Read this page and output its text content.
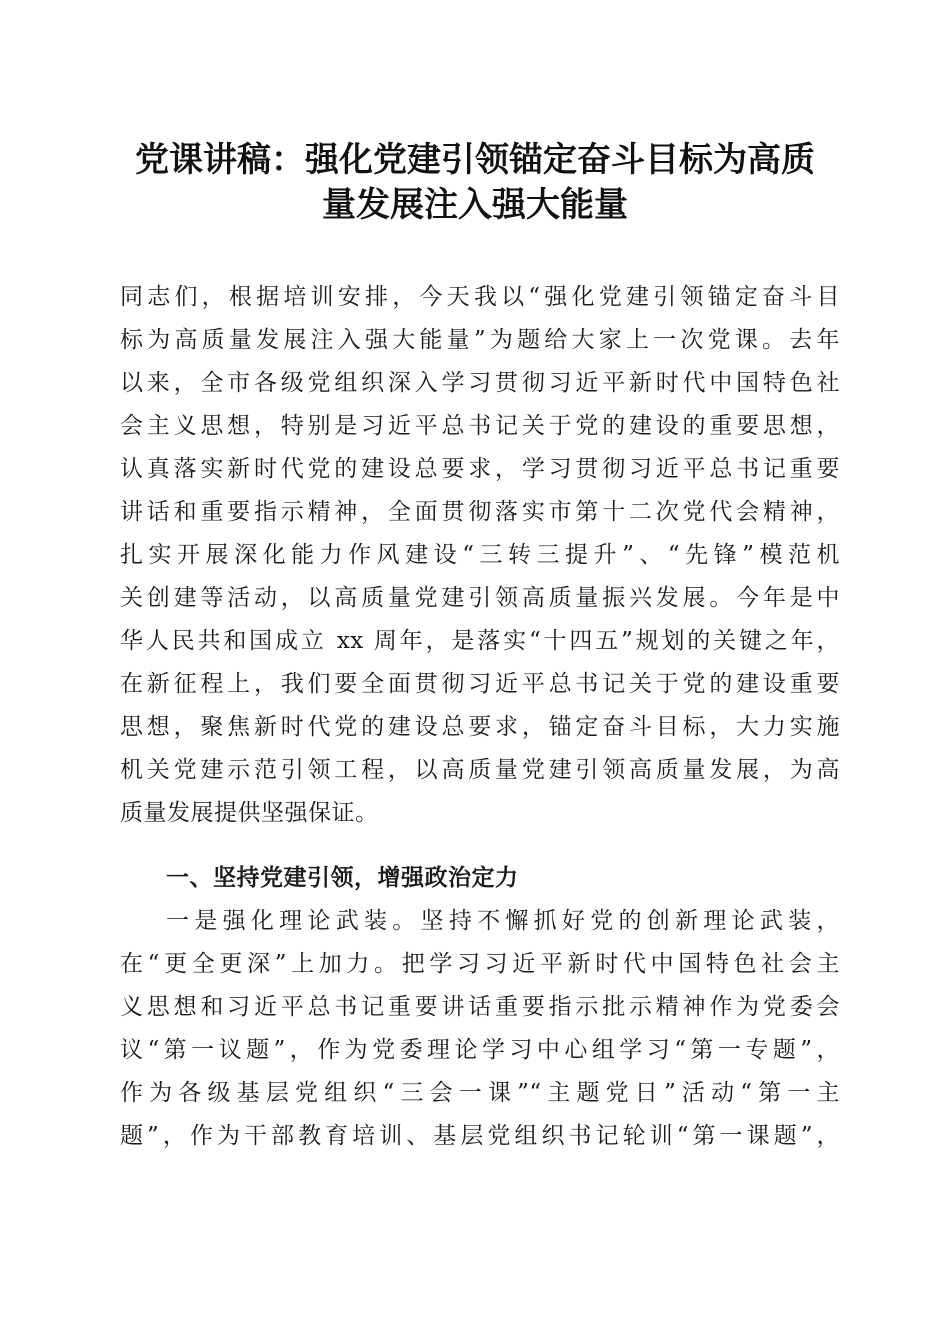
党课讲稿：强化党建引领锚定奋斗目标为高质
量发展注入强大能量
同志们，根据培训安排，今天我以“强化党建引领锚定奋斗目
标为高质量发展注入强大能量”为题给大家上一次党课。去年
以来，全市各级党组织深入学习贯彻习近平新时代中国特色社
会主义思想，特别是习近平总书记关于党的建设的重要思想，
认真落实新时代党的建设总要求，学习贯彻习近平总书记重要
讲话和重要指示精神，全面贯彻落实市第十二次党代会精神，
扎实开展深化能力作风建设“三转三提升”、“先锋”模范机
关创建等活动，以高质量党建引领高质量振兴发展。今年是中
华人民共和国成立 xx 周年，是落实“十四五”规划的关键之年，
在新征程上，我们要全面贯彻习近平总书记关于党的建设重要
思想，聚焦新时代党的建设总要求，锚定奋斗目标，大力实施
机关党建示范引领工程，以高质量党建引领高质量发展，为高
质量发展提供坚强保证。
一、坚持党建引领，增强政治定力
一是强化理论武装。坚持不懈抓好党的创新理论武装，
在“更全更深”上加力。把学习习近平新时代中国特色社会主
义思想和习近平总书记重要讲话重要指示批示精神作为党委会
议“第一议题”，作为党委理论学习中心组学习“第一专题”，
作为各级基层党组织“三会一课”“主题党日”活动“第一主
题”，作为干部教育培训、基层党组织书记轮训“第一课题”，
